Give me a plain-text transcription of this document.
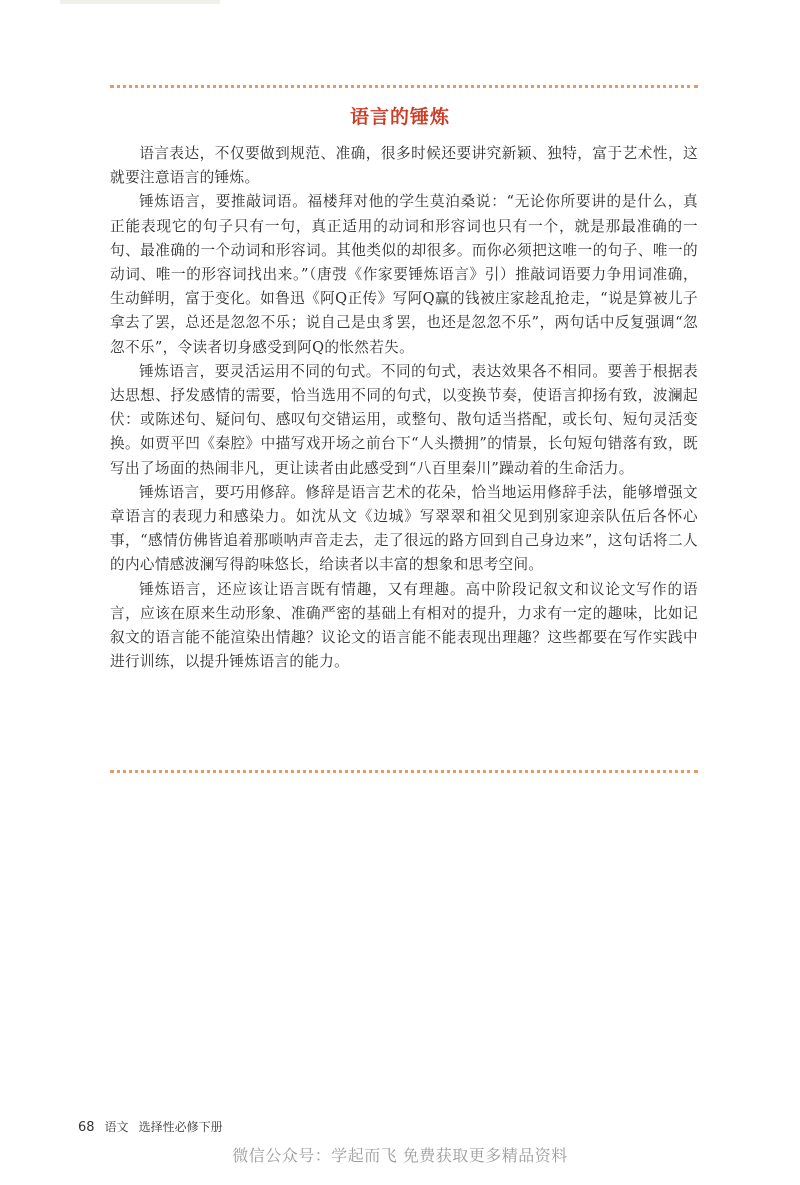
语言的锤炼

语言表达，不仅要做到规范、准确，很多时候还要讲究新颖、独特，富于艺术性，这就要注意语言的锤炼。

锤炼语言，要推敲词语。福楼拜对他的学生莫泊桑说：“无论你所要讲的是什么，真正能表现它的句子只有一句，真正适用的动词和形容词也只有一个，就是那最准确的一句、最准确的一个动词和形容词。其他类似的却很多。而你必须把这唯一的句子、唯一的动词、唯一的形容词找出来。”（唐弢《作家要锤炼语言》引）推敲词语要力争用词准确，生动鲜明，富于变化。如鲁迅《阿Q正传》写阿Q赢的钱被庄家趁乱抢走，“说是算被儿子拿去了罢，总还是忽忽不乐；说自己是虫豸罢，也还是忽忽不乐”，两句话中反复强调“忽忽不乐”，令读者切身感受到阿Q的怅然若失。

锤炼语言，要灵活运用不同的句式。不同的句式，表达效果各不相同。要善于根据表达思想、抒发感情的需要，恰当选用不同的句式，以变换节奏，使语言抑扬有致，波澜起伏：或陈述句、疑问句、感叹句交错运用，或整句、散句适当搭配，或长句、短句灵活变换。如贾平凹《秦腔》中描写戏开场之前台下“人头攒拥”的情景，长句短句错落有致，既写出了场面的热闹非凡，更让读者由此感受到“八百里秦川”躁动着的生命活力。

锤炼语言，要巧用修辞。修辞是语言艺术的花朵，恰当地运用修辞手法，能够增强文章语言的表现力和感染力。如沈从文《边城》写翠翠和祖父见到别家迎亲队伍后各怀心事，“感情仿佛皆追着那唢呐声音走去，走了很远的路方回到自己身边来”，这句话将二人的内心情感波澜写得韵味悠长，给读者以丰富的想象和思考空间。

锤炼语言，还应该让语言既有情趣，又有理趣。高中阶段记叙文和议论文写作的语言，应该在原来生动形象、准确严密的基础上有相对的提升，力求有一定的趣味，比如记叙文的语言能不能渲染出情趣？议论文的语言能不能表现出理趣？这些都要在写作实践中进行训练，以提升锤炼语言的能力。

68 语文 选择性必修下册
微信公众号：学起而飞 免费获取更多精品资料
